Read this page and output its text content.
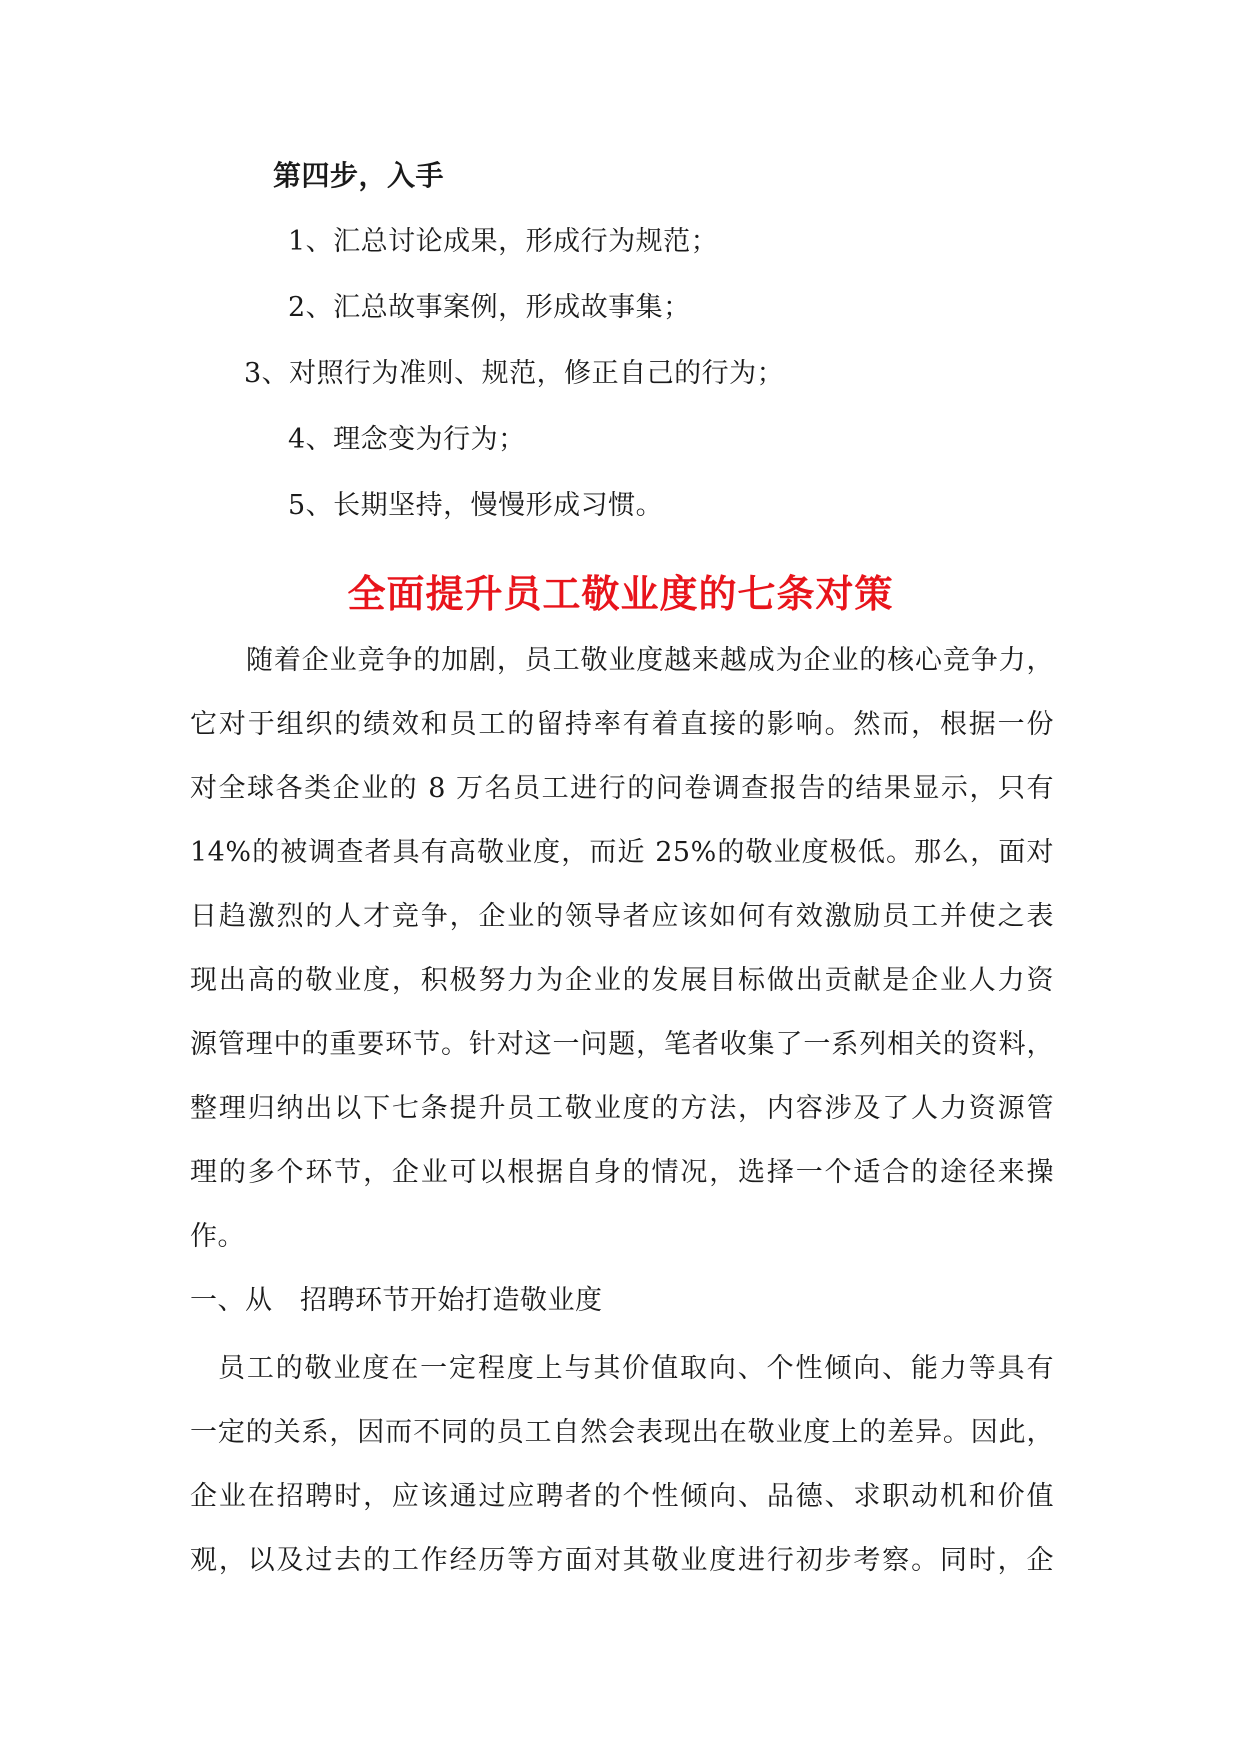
第四步，入手
1、汇总讨论成果，形成行为规范；
2、汇总故事案例，形成故事集；
3、对照行为准则、规范，修正自己的行为；
4、理念变为行为；
5、长期坚持，慢慢形成习惯。
全面提升员工敬业度的七条对策
随着企业竞争的加剧，员工敬业度越来越成为企业的核心竞争力，
它对于组织的绩效和员工的留持率有着直接的影响。然而，根据一份
对全球各类企业的 8 万名员工进行的问卷调查报告的结果显示，只有
14%的被调查者具有高敬业度，而近 25%的敬业度极低。那么，面对
日趋激烈的人才竞争，企业的领导者应该如何有效激励员工并使之表
现出高的敬业度，积极努力为企业的发展目标做出贡献是企业人力资
源管理中的重要环节。针对这一问题，笔者收集了一系列相关的资料，
整理归纳出以下七条提升员工敬业度的方法，内容涉及了人力资源管
理的多个环节，企业可以根据自身的情况，选择一个适合的途径来操
作。
一、从　招聘环节开始打造敬业度
员工的敬业度在一定程度上与其价值取向、个性倾向、能力等具有
一定的关系，因而不同的员工自然会表现出在敬业度上的差异。因此，
企业在招聘时，应该通过应聘者的个性倾向、品德、求职动机和价值
观，以及过去的工作经历等方面对其敬业度进行初步考察。同时，企
